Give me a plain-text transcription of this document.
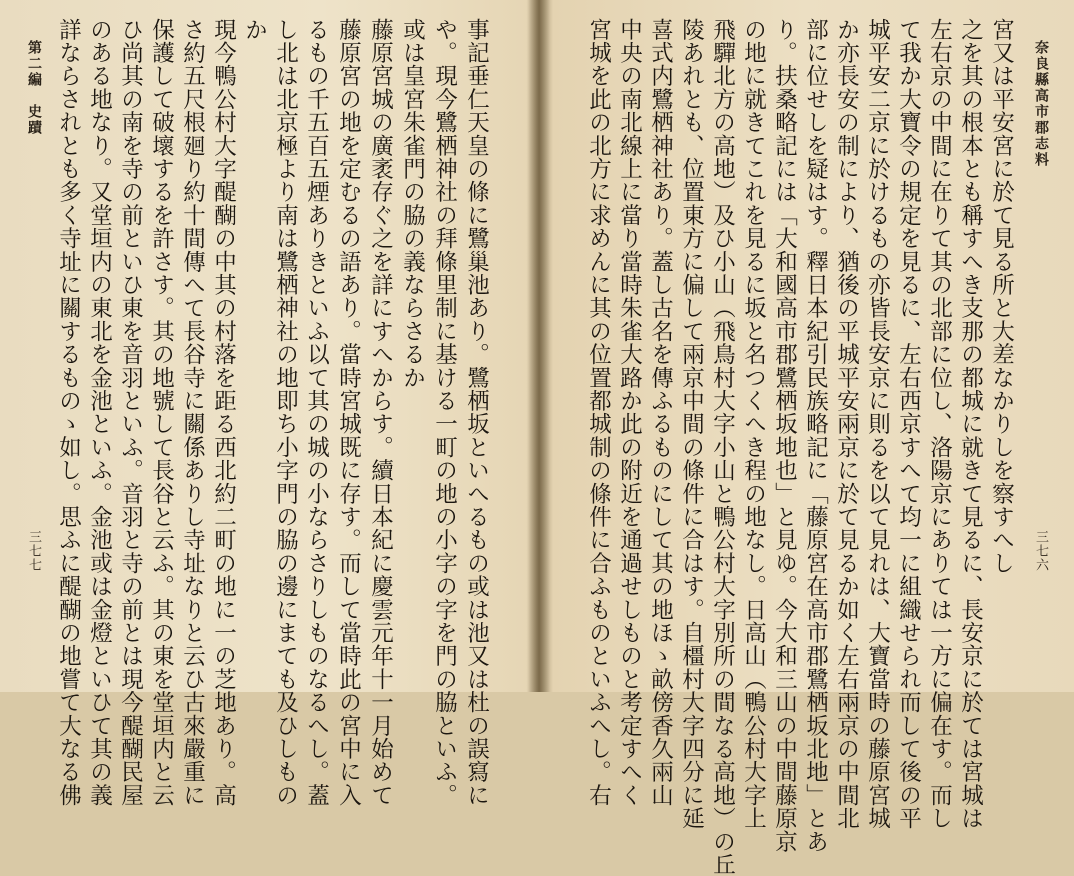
事記垂仁天皇の條に鷺巢池あり。鷺栖坂といへるもの或は池又は杜の誤寫に
や。現今鷺栖神社の拜條里制に基ける一町の地の小字の字を門の脇といふ。
或は皇宮朱雀門の脇の義ならさるか
藤原宮城の廣袤存ぐ之を詳にすへからす。續日本紀に慶雲元年十一月始めて
藤原宮の地を定むるの語あり。當時宮城既に存す。而して當時此の宮中に入
るもの千五百五煙ありきといふ以て其の城の小ならさりしものなるへし。蓋
し北は北京極より南は鷺栖神社の地即ち小字門の脇の邊にまても及ひしもの
か
現今鴨公村大字醍醐の中其の村落を距る西北約二町の地に一の芝地あり。高
さ約五尺根廻り約十間傳へて長谷寺に關係ありし寺址なりと云ひ古來嚴重に
保護して破壞するを許さす。其の地號して長谷と云ふ。其の東を堂垣内と云
ひ尚其の南を寺の前といひ東を音羽といふ。音羽と寺の前とは現今醍醐民屋
のある地なり。又堂垣内の東北を金池といふ。金池或は金燈といひて其の義
詳ならされとも多く寺址に關するものゝ如し。思ふに醍醐の地嘗て大なる佛
第二編　史蹟
三七七
奈良縣高市郡志料
三七六
宮又は平安宮に於て見る所と大差なかりしを察すへし
之を其の根本とも稱すへき支那の都城に就きて見るに、長安京に於ては宮城は
左右京の中間に在りて其の北部に位し、洛陽京にありては一方に偏在す。而し
て我か大寶令の規定を見るに、左右西京すへて均一に組織せられ而して後の平
城平安二京に於けるもの亦皆長安京に則るを以て見れは、大寶當時の藤原宮城
か亦長安の制により、猶後の平城平安兩京に於て見るか如く左右兩京の中間北
部に位せしを疑はす。釋日本紀引民族略記に「藤原宮在高市郡鷺栖坂北地」とあ
り。扶桑略記には「大和國高市郡鷺栖坂地也」と見ゆ。今大和三山の中間藤原京
の地に就きてこれを見るに坂と名つくへき程の地なし。日高山（鴨公村大字上
飛驒北方の高地）及ひ小山（飛鳥村大字小山と鴨公村大字別所の間なる高地）の丘
陵あれとも、位置東方に偏して兩京中間の條件に合はす。自橿村大字四分に延
喜式内鷺栖神社あり。蓋し古名を傳ふるものにして其の地ほゝ畝傍香久兩山
中央の南北線上に當り當時朱雀大路か此の附近を通過せしものと考定すへく
宮城を此の北方に求めんに其の位置都城制の條件に合ふものといふへし。右
